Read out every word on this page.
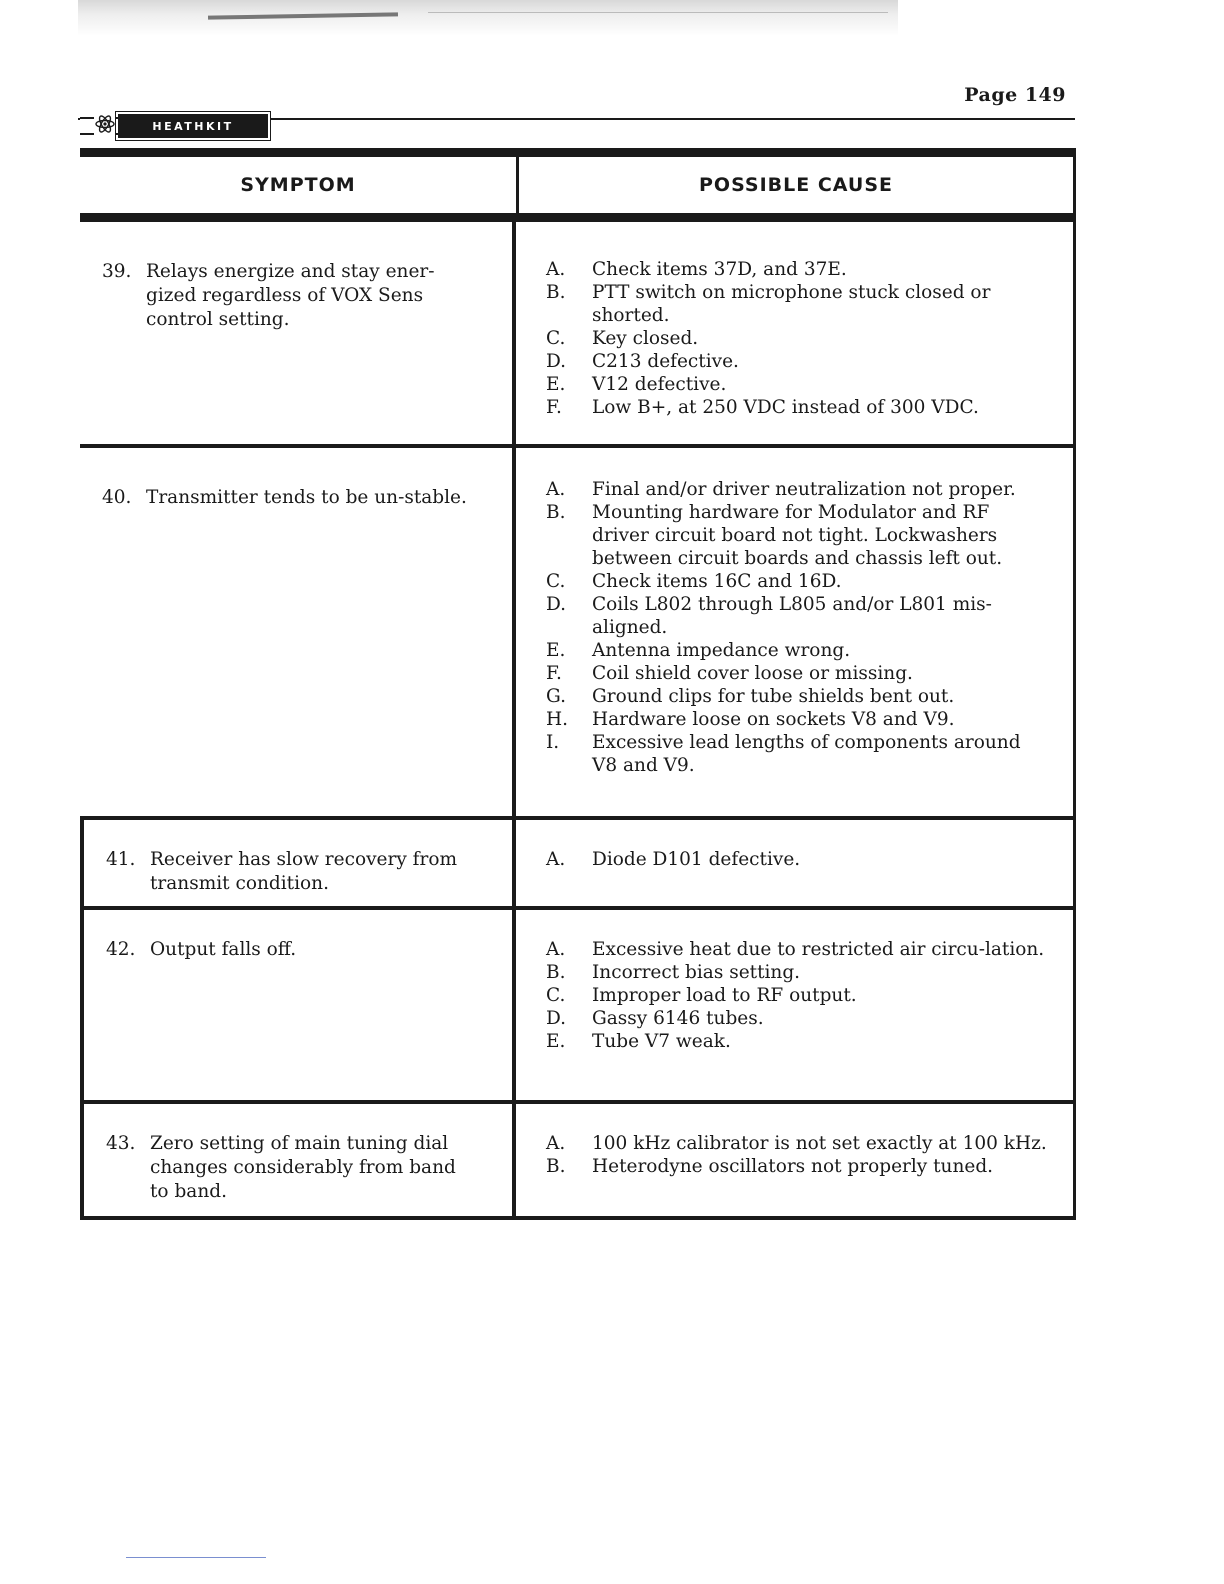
Page 149
HEATHKIT
SYMPTOM	POSSIBLE CAUSE
39. Relays energize and stay ener-gized regardless of VOX Sens control setting.
A.	Check items 37D, and 37E.
B.	PTT switch on microphone stuck closed or shorted.
C.	Key closed.
D.	C213 defective.
E.	V12 defective.
F.	Low B+, at 250 VDC instead of 300 VDC.
40. Transmitter tends to be un-stable.	A.	Final and/or driver neutralization not proper.
B.	Mounting hardware for Modulator and RF driver circuit board not tight. Lockwashers between circuit boards and chassis left out.
C.	Check items 16C and 16D.
D.	Coils L802 through L805 and/or L801 mis-aligned.
E.	Antenna impedance wrong.
F.	Coil shield cover loose or missing.
G.	Ground clips for tube shields bent out.
H.	Hardware loose on sockets V8 and V9.
I.	Excessive lead lengths of components around V8 and V9.
41. Receiver has slow recovery from transmit condition.
A.	Diode D101 defective.
42. Output falls off.	A.	Excessive heat due to restricted air circu-lation.
B.	Incorrect bias setting.
C.	Improper load to RF output.
D.	Gassy 6146 tubes.
E.	Tube V7 weak.
43. Zero setting of main tuning dial changes considerably from band to band.
A.	100 kHz calibrator is not set exactly at 100 kHz.
B.	Heterodyne oscillators not properly tuned.
